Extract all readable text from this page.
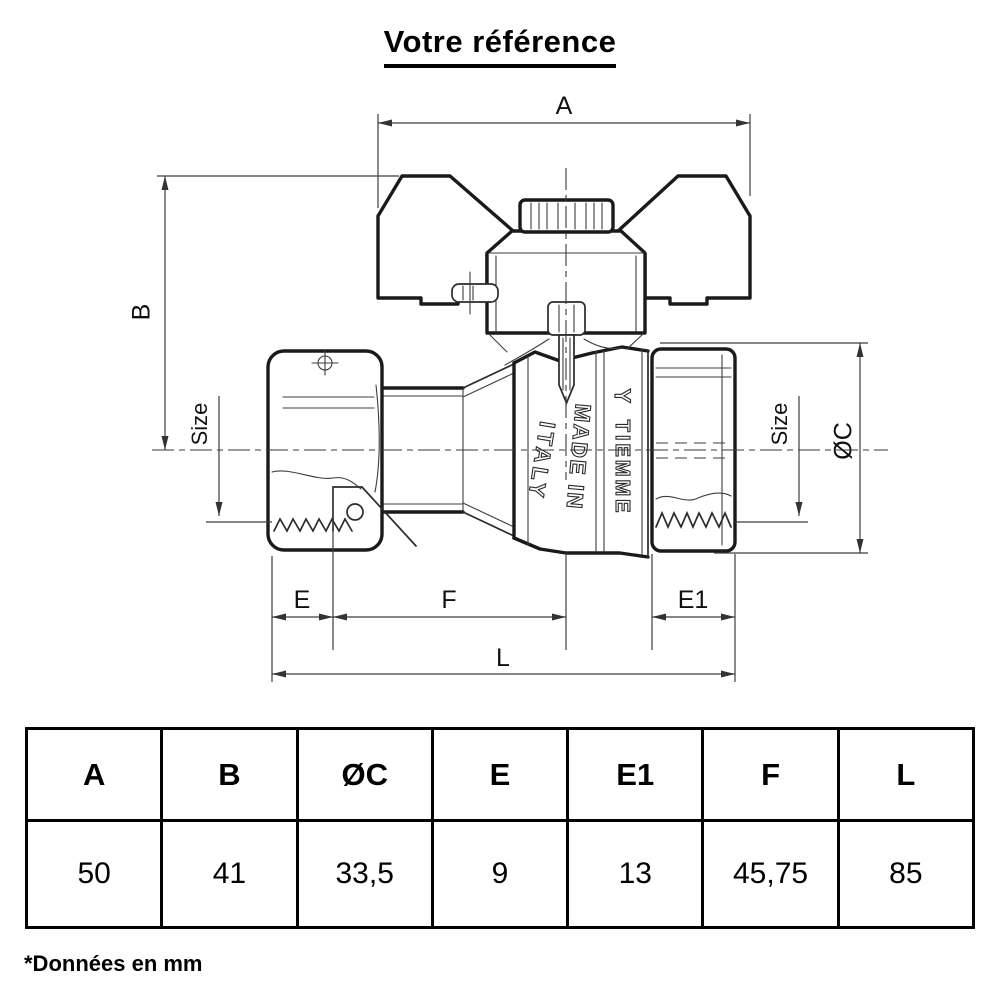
Votre référence
MADE IN
ITALY
Y TIEMME
A
B
Size	Size ØC
E	F	E1
L
A	B	ØC	E	E1	F	L
50	41	33,5	9	13	45,75	85
*Données en mm
